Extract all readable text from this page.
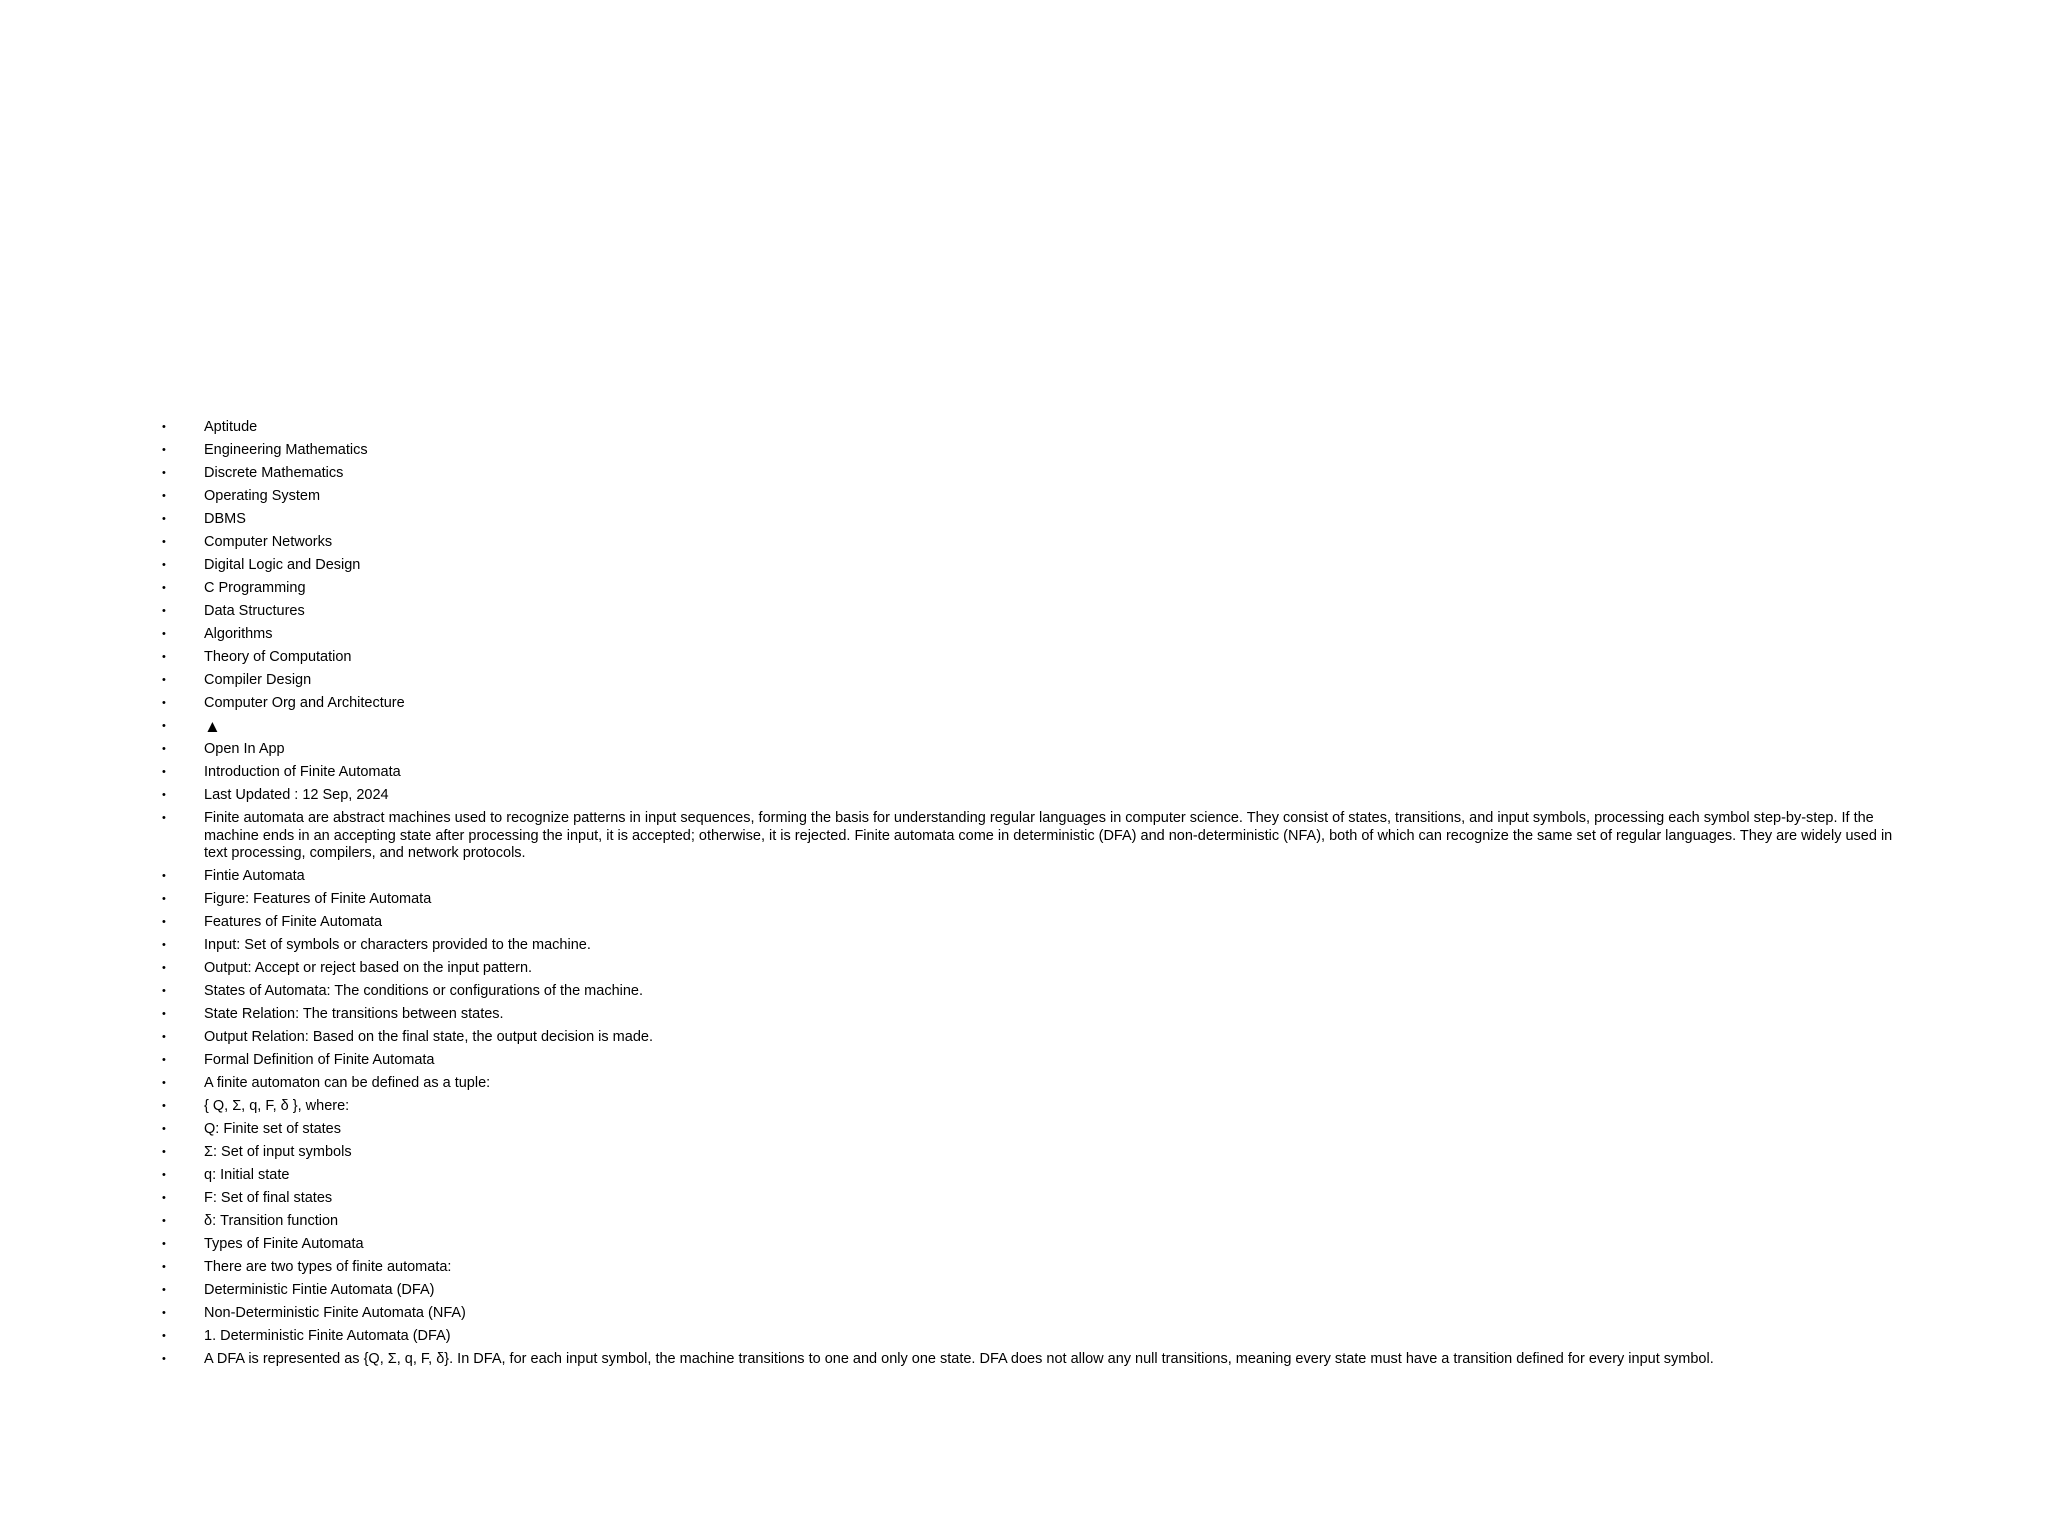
•	Aptitude
•	Engineering Mathematics
•	Discrete Mathematics
•	Operating System
•	DBMS
•	Computer Networks
•	Digital Logic and Design
•	C Programming
•	Data Structures
•	Algorithms
•	Theory of Computation
•	Compiler Design
•	Computer Org and Architecture
• ▲
•	Open In App
•	Introduction of Finite Automata
•	Last Updated : 12 Sep, 2024
•	Finite automata are abstract machines used to recognize patterns in input sequences, forming the basis for understanding regular languages in computer science. They consist of states, transitions, and input symbols, processing each symbol step-by-step. If the machine ends in an accepting state after processing the input, it is accepted; otherwise, it is rejected. Finite automata come in deterministic (DFA) and non-deterministic (NFA), both of which can recognize the same set of regular languages. They are widely used in text processing, compilers, and network protocols.
•	Fintie Automata
•	Figure: Features of Finite Automata
•	Features of Finite Automata
•	Input: Set of symbols or characters provided to the machine.
•	Output: Accept or reject based on the input pattern.
•	States of Automata: The conditions or configurations of the machine.
•	State Relation: The transitions between states.
•	Output Relation: Based on the final state, the output decision is made.
•	Formal Definition of Finite Automata
•	A finite automaton can be defined as a tuple:
•	{ Q, Σ, q, F, δ }, where:
•	Q: Finite set of states
•	Σ: Set of input symbols
•	q: Initial state
•	F: Set of final states
•	δ: Transition function
•	Types of Finite Automata
•	There are two types of finite automata:
•	Deterministic Fintie Automata (DFA)
•	Non-Deterministic Finite Automata (NFA)
•	1. Deterministic Finite Automata (DFA)
•	A DFA is represented as {Q, Σ, q, F, δ}. In DFA, for each input symbol, the machine transitions to one and only one state. DFA does not allow any null transitions, meaning every state must have a transition defined for every input symbol.
